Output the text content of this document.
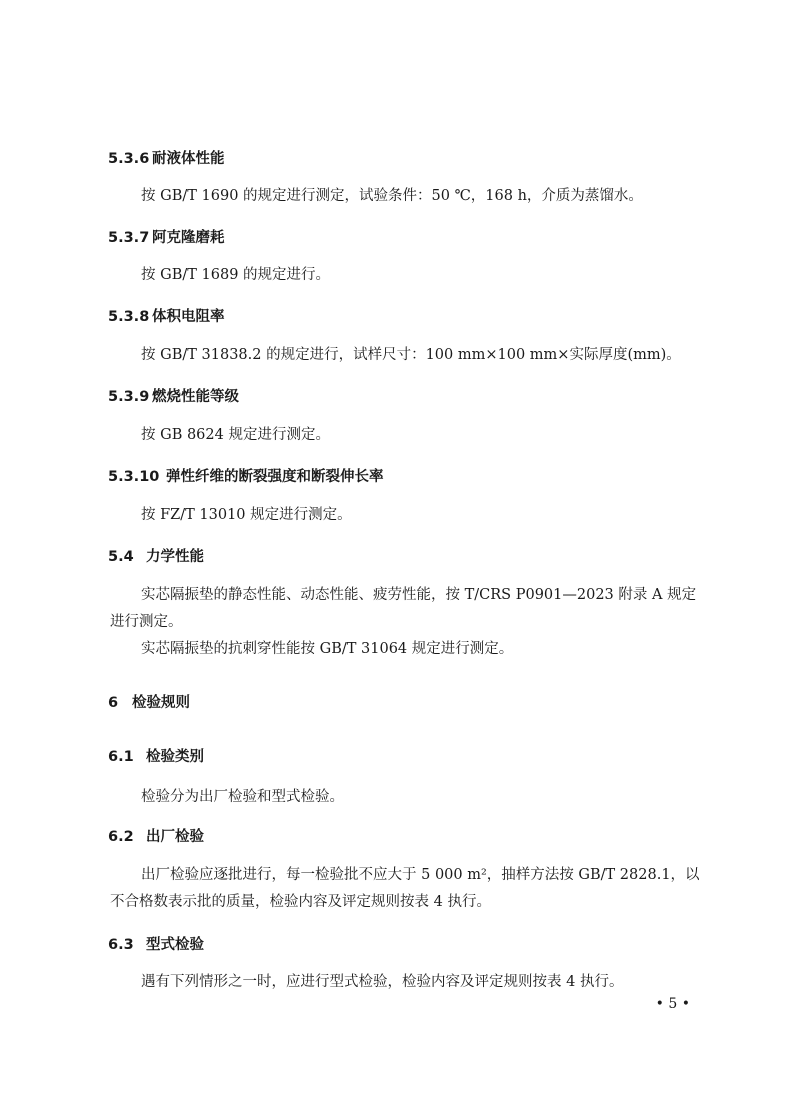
5.3.6 耐液体性能

按 GB/T 1690 的规定进行测定，试验条件：50 ℃，168 h，介质为蒸馏水。

5.3.7 阿克隆磨耗

按 GB/T 1689 的规定进行。

5.3.8 体积电阻率

按 GB/T 31838.2 的规定进行，试样尺寸：100 mm×100 mm×实际厚度(mm)。

5.3.9 燃烧性能等级

按 GB 8624 规定进行测定。

5.3.10 弹性纤维的断裂强度和断裂伸长率

按 FZ/T 13010 规定进行测定。

5.4 力学性能

实芯隔振垫的静态性能、动态性能、疲劳性能，按 T/CRS P0901—2023 附录 A 规定

进行测定。

实芯隔振垫的抗刺穿性能按 GB/T 31064 规定进行测定。

6 检验规则
6.1 检验类别

检验分为出厂检验和型式检验。

6.2 出厂检验

出厂检验应逐批进行，每一检验批不应大于 5 000 m²，抽样方法按 GB/T 2828.1，以

不合格数表示批的质量，检验内容及评定规则按表 4 执行。

6.3 型式检验

遇有下列情形之一时，应进行型式检验，检验内容及评定规则按表 4 执行。

• 5 •
